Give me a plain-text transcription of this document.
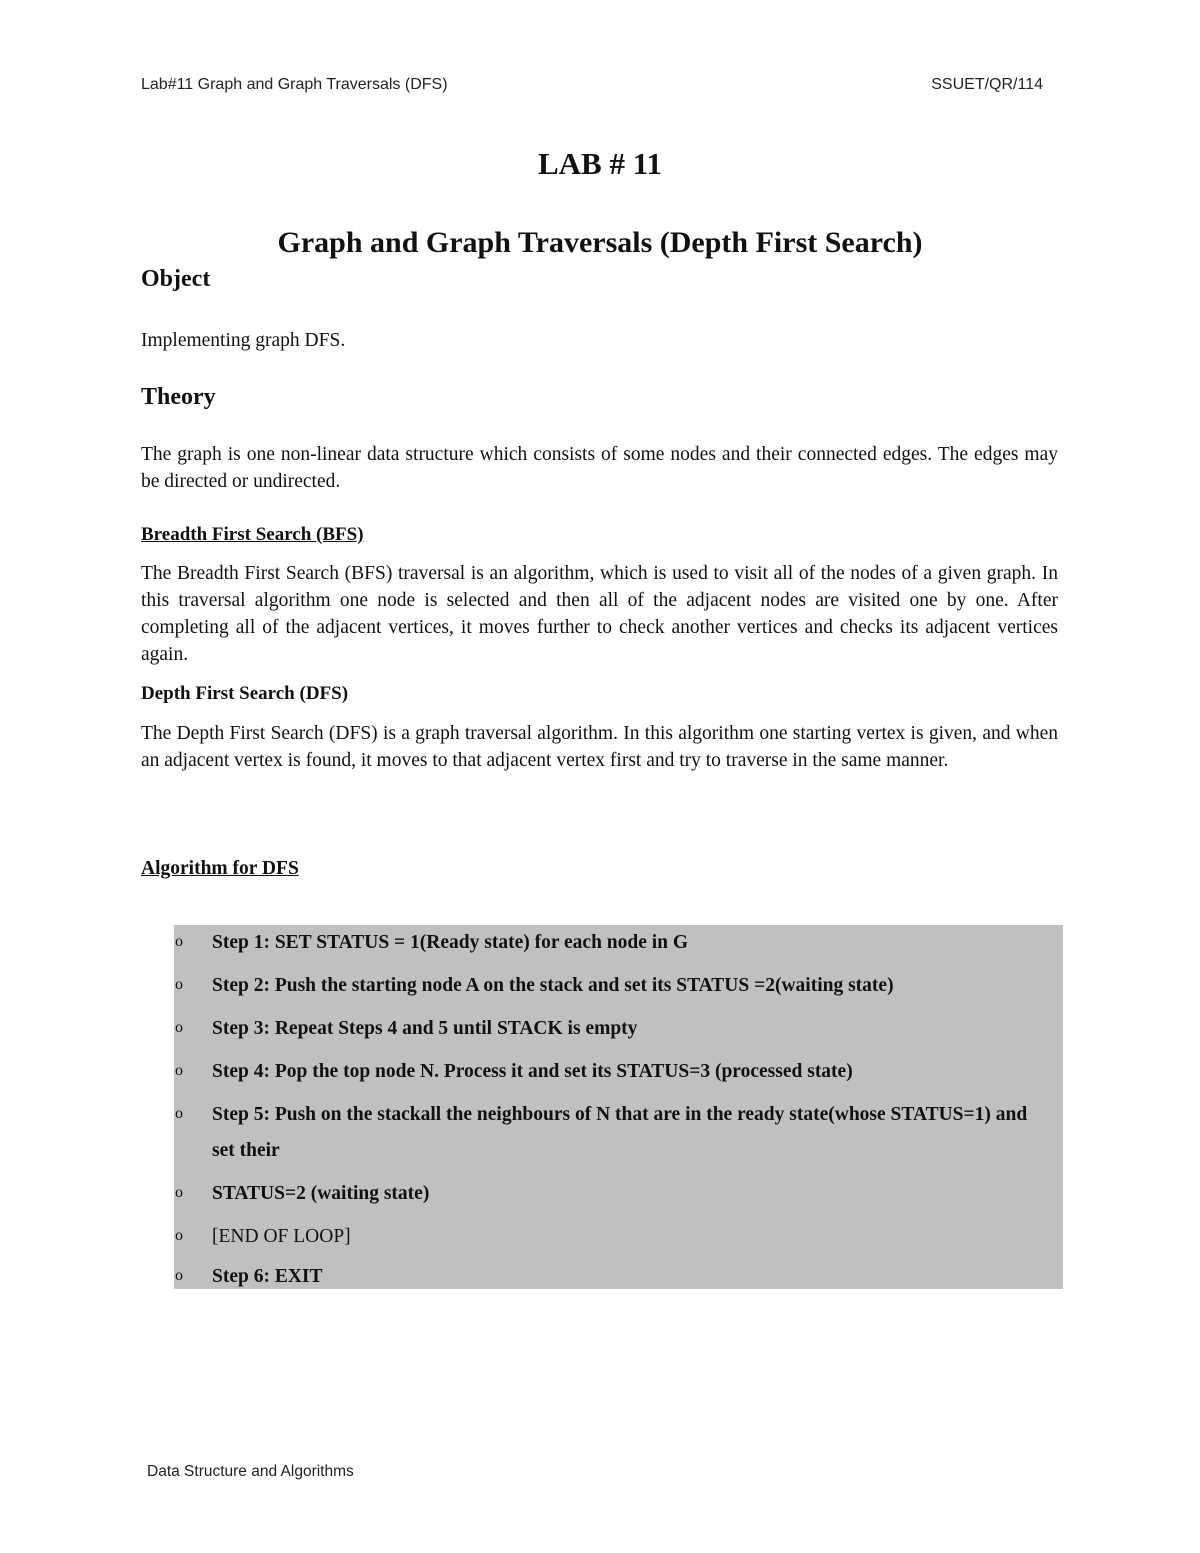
Lab#11 Graph and Graph Traversals (DFS)	SSUET/QR/114
LAB # 11
Graph and Graph Traversals (Depth First Search)
Object
Implementing graph DFS.
Theory
The graph is one non-linear data structure which consists of some nodes and their connected edges. The edges may be directed or undirected.
Breadth First Search (BFS)
The Breadth First Search (BFS) traversal is an algorithm, which is used to visit all of the nodes of a given graph. In this traversal algorithm one node is selected and then all of the adjacent nodes are visited one by one. After completing all of the adjacent vertices, it moves further to check another vertices and checks its adjacent vertices again.
Depth First Search (DFS)
The Depth First Search (DFS) is a graph traversal algorithm. In this algorithm one starting vertex is given, and when an adjacent vertex is found, it moves to that adjacent vertex first and try to traverse in the same manner.
Algorithm for DFS
o Step 1: SET STATUS = 1(Ready state) for each node in G
o Step 2: Push the starting node A on the stack and set its STATUS =2(waiting state)
o Step 3: Repeat Steps 4 and 5 until STACK is empty
o Step 4: Pop the top node N. Process it and set its STATUS=3 (processed state)
o Step 5: Push on the stackall the neighbours of N that are in the ready state(whose STATUS=1) and set their
o STATUS=2 (waiting state)
o [END OF LOOP]
o Step 6: EXIT
Data Structure and Algorithms
